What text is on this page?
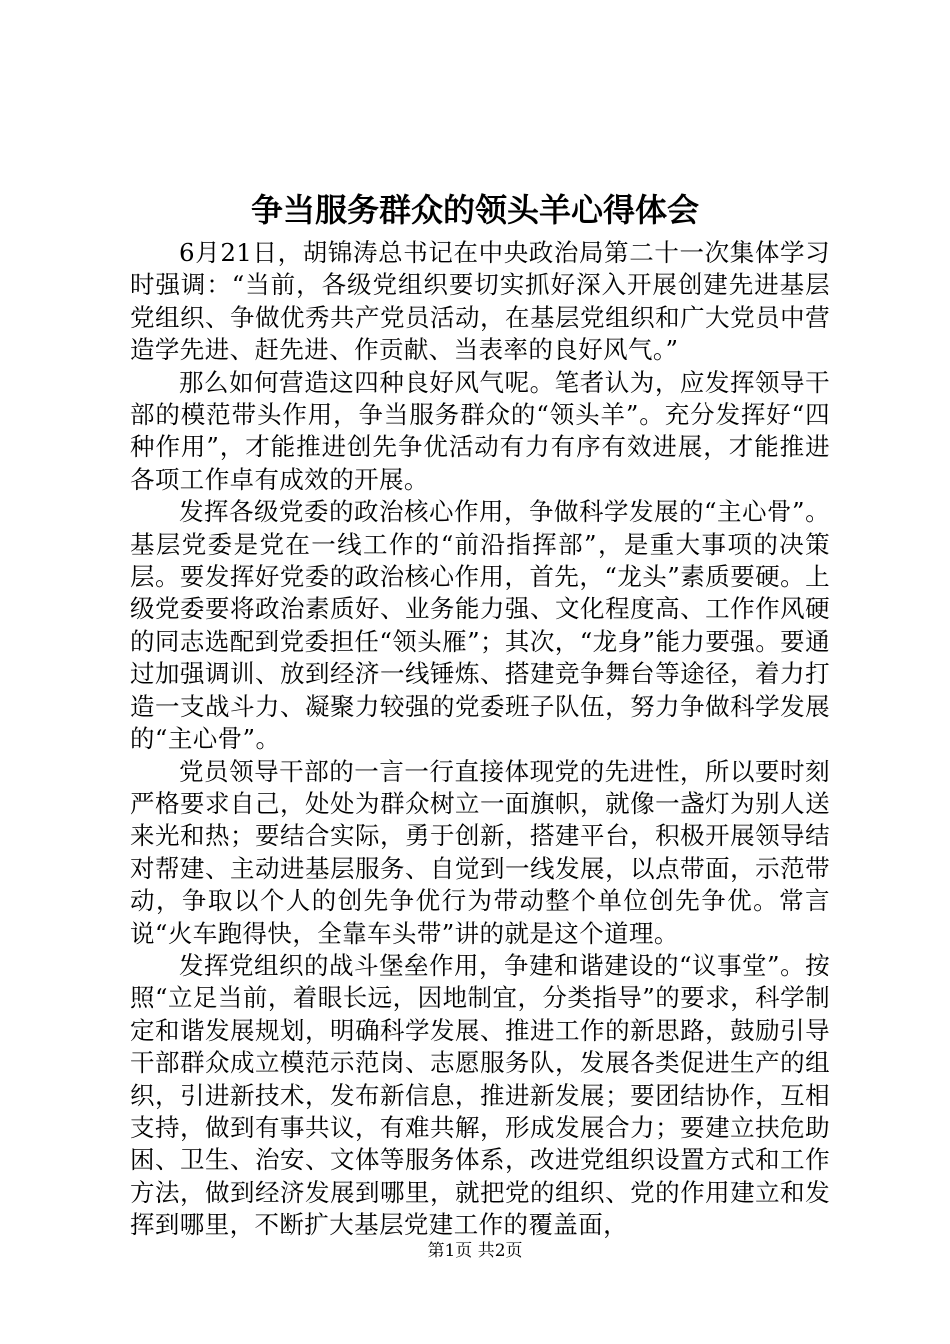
争当服务群众的领头羊心得体会

6月21日，胡锦涛总书记在中央政治局第二十一次集体学习时强调：“当前，各级党组织要切实抓好深入开展创建先进基层党组织、争做优秀共产党员活动，在基层党组织和广大党员中营造学先进、赶先进、作贡献、当表率的良好风气。”

那么如何营造这四种良好风气呢。笔者认为，应发挥领导干部的模范带头作用，争当服务群众的“领头羊”。充分发挥好“四种作用”，才能推进创先争优活动有力有序有效进展，才能推进各项工作卓有成效的开展。

发挥各级党委的政治核心作用，争做科学发展的“主心骨”。基层党委是党在一线工作的“前沿指挥部”，是重大事项的决策层。要发挥好党委的政治核心作用，首先，“龙头”素质要硬。上级党委要将政治素质好、业务能力强、文化程度高、工作作风硬的同志选配到党委担任“领头雁”；其次，“龙身”能力要强。要通过加强调训、放到经济一线锤炼、搭建竞争舞台等途径，着力打造一支战斗力、凝聚力较强的党委班子队伍，努力争做科学发展的“主心骨”。

党员领导干部的一言一行直接体现党的先进性，所以要时刻严格要求自己，处处为群众树立一面旗帜，就像一盏灯为别人送来光和热；要结合实际，勇于创新，搭建平台，积极开展领导结对帮建、主动进基层服务、自觉到一线发展，以点带面，示范带动，争取以个人的创先争优行为带动整个单位创先争优。常言说“火车跑得快，全靠车头带”讲的就是这个道理。

发挥党组织的战斗堡垒作用，争建和谐建设的“议事堂”。按照“立足当前，着眼长远，因地制宜，分类指导”的要求，科学制定和谐发展规划，明确科学发展、推进工作的新思路，鼓励引导干部群众成立模范示范岗、志愿服务队，发展各类促进生产的组织，引进新技术，发布新信息，推进新发展；要团结协作，互相支持，做到有事共议，有难共解，形成发展合力；要建立扶危助困、卫生、治安、文体等服务体系，改进党组织设置方式和工作方法，做到经济发展到哪里，就把党的组织、党的作用建立和发挥到哪里，不断扩大基层党建工作的覆盖面，

第1页 共2页
